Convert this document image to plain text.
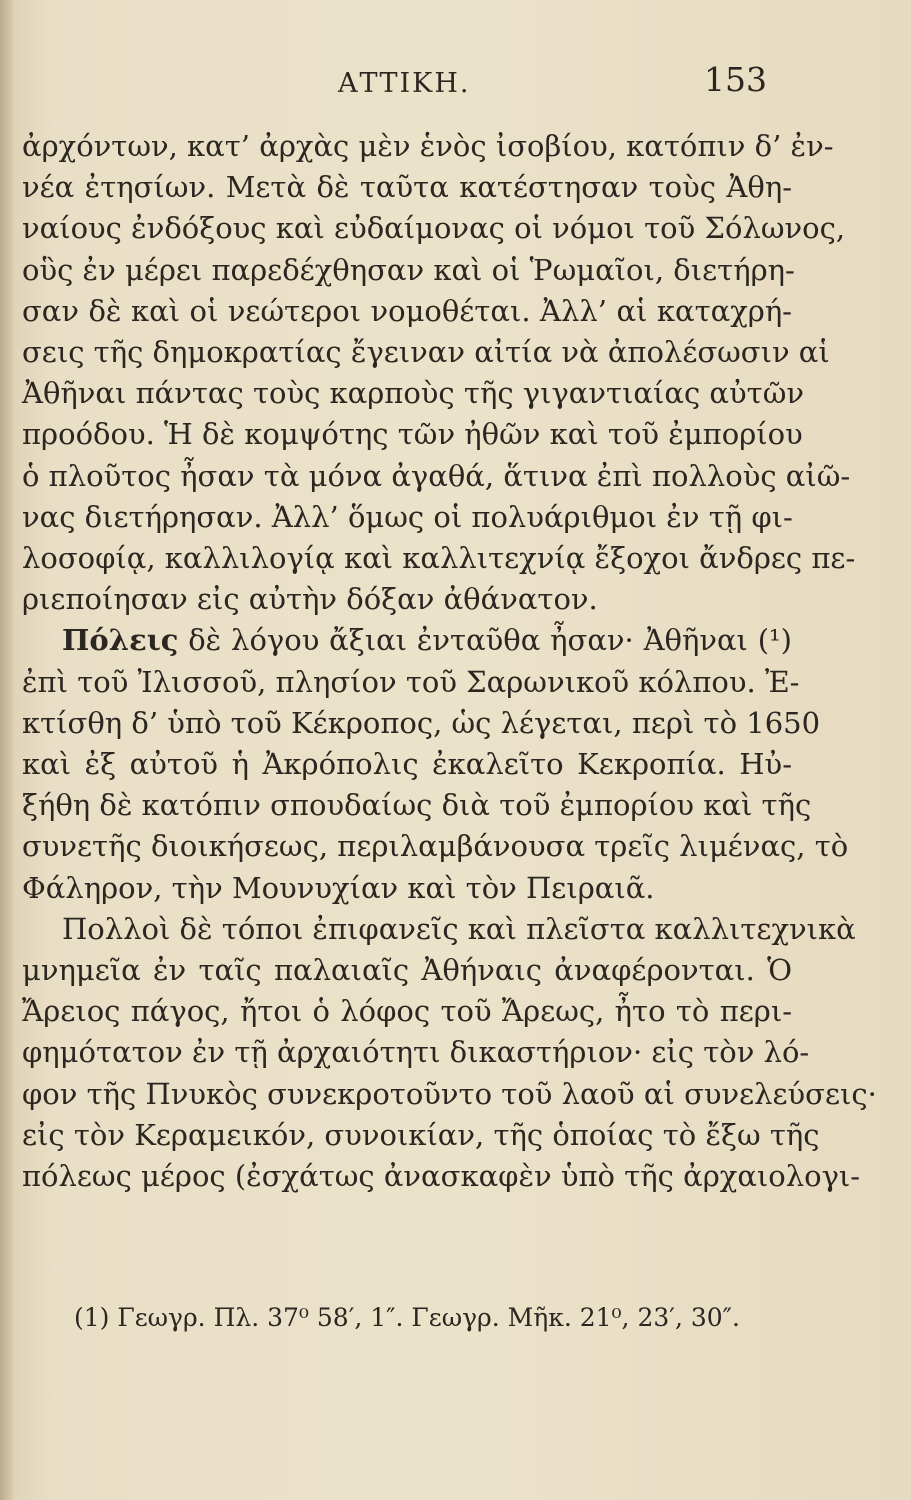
ΑΤΤΙΚΗ.	153
ἀρχόντων, κατ’ ἀρχὰς μὲν ἑνὸς ἰσοβίου, κατόπιν δ’ ἐν-
νέα ἐτησίων. Μετὰ δὲ ταῦτα κατέστησαν τοὺς Ἀθη-
ναίους ἐνδόξους καὶ εὐδαίμονας οἱ νόμοι τοῦ Σόλωνος,
οὓς ἐν μέρει παρεδέχθησαν καὶ οἱ Ῥωμαῖοι, διετήρη-
σαν δὲ καὶ οἱ νεώτεροι νομοθέται. Ἀλλ’ αἱ καταχρή-
σεις τῆς δημοκρατίας ἔγειναν αἰτία νὰ ἀπολέσωσιν αἱ
Ἀθῆναι πάντας τοὺς καρποὺς τῆς γιγαντιαίας αὐτῶν
προόδου. Ἡ δὲ κομψότης τῶν ἠθῶν καὶ τοῦ ἐμπορίου
ὁ πλοῦτος ἦσαν τὰ μόνα ἀγαθά, ἅτινα ἐπὶ πολλοὺς αἰῶ-
νας διετήρησαν. Ἀλλ’ ὅμως οἱ πολυάριθμοι ἐν τῇ φι-
λοσοφίᾳ, καλλιλογίᾳ καὶ καλλιτεχνίᾳ ἔξοχοι ἄνδρες πε-
ριεποίησαν εἰς αὐτὴν δόξαν ἀθάνατον.
Πόλεις δὲ λόγου ἄξιαι ἐνταῦθα ἦσαν· Ἀθῆναι (¹)
ἐπὶ τοῦ Ἰλισσοῦ, πλησίον τοῦ Σαρωνικοῦ κόλπου. Ἐ-
κτίσθη δ’ ὑπὸ τοῦ Κέκροπος, ὡς λέγεται, περὶ τὸ 1650
καὶ ἐξ αὐτοῦ ἡ Ἀκρόπολις ἐκαλεῖτο Κεκροπία. Ηὐ-
ξήθη δὲ κατόπιν σπουδαίως διὰ τοῦ ἐμπορίου καὶ τῆς
συνετῆς διοικήσεως, περιλαμβάνουσα τρεῖς λιμένας, τὸ
Φάληρον, τὴν Μουνυχίαν καὶ τὸν Πειραιᾶ.
Πολλοὶ δὲ τόποι ἐπιφανεῖς καὶ πλεῖστα καλλιτεχνικὰ
μνημεῖα ἐν ταῖς παλαιαῖς Ἀθήναις ἀναφέρονται. Ὁ
Ἄρειος πάγος, ἤτοι ὁ λόφος τοῦ Ἄρεως, ἦτο τὸ περι-
φημότατον ἐν τῇ ἀρχαιότητι δικαστήριον· εἰς τὸν λό-
φον τῆς Πνυκὸς συνεκροτοῦντο τοῦ λαοῦ αἱ συνελεύσεις·
εἰς τὸν Κεραμεικόν, συνοικίαν, τῆς ὁποίας τὸ ἔξω τῆς
πόλεως μέρος (ἐσχάτως ἀνασκαφὲν ὑπὸ τῆς ἀρχαιολογι-
(1) Γεωγρ. Πλ. 37⁰ 58′, 1″. Γεωγρ. Μῆκ. 21⁰, 23′, 30″.
